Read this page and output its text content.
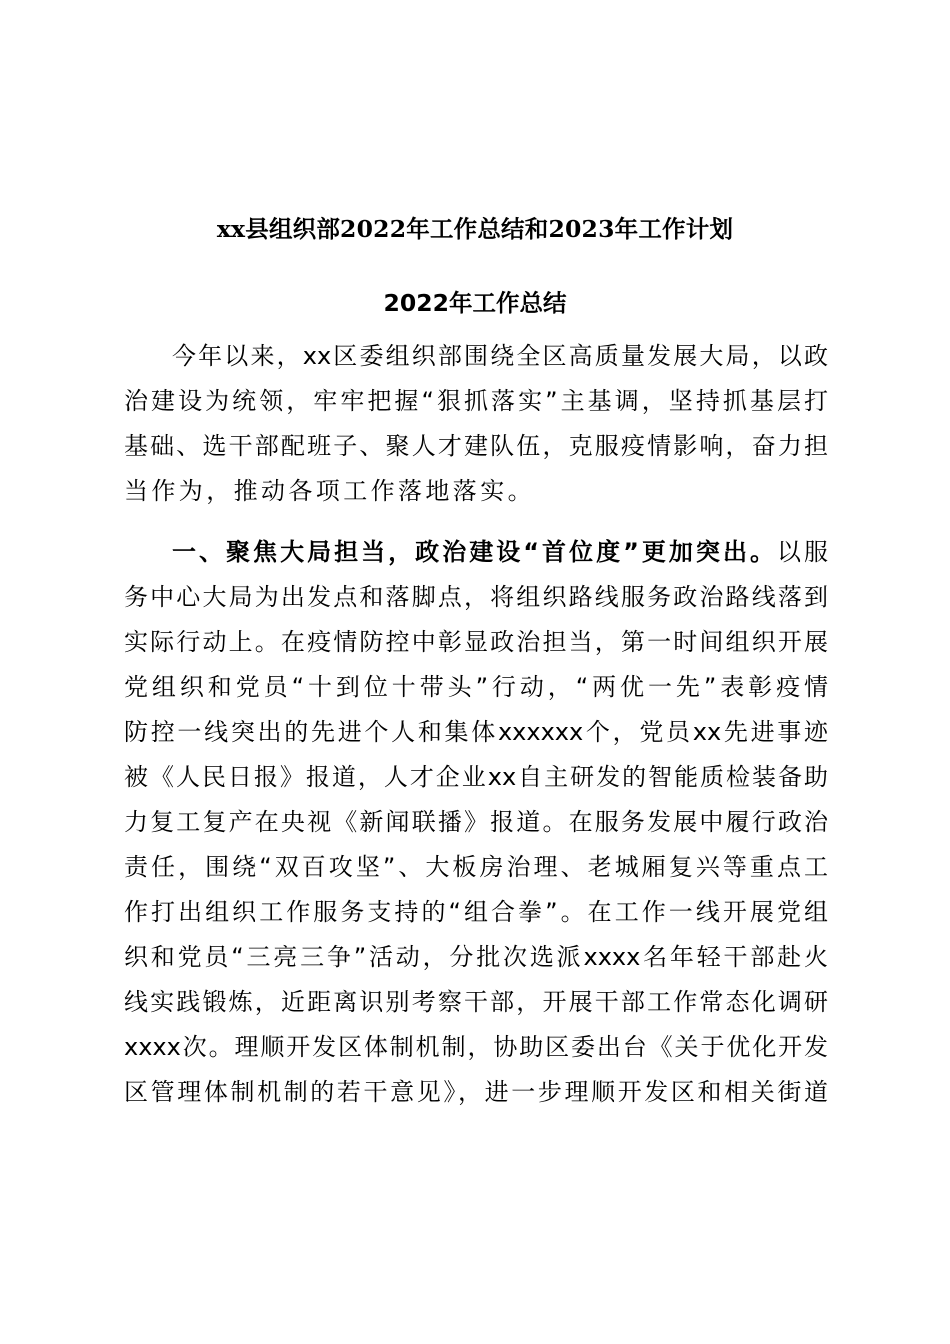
xx县组织部2022年工作总结和2023年工作计划
2022年工作总结
今年以来，xx区委组织部围绕全区高质量发展大局，以政
治建设为统领，牢牢把握“狠抓落实”主基调，坚持抓基层打
基础、选干部配班子、聚人才建队伍，克服疫情影响，奋力担
当作为，推动各项工作落地落实。
一、聚焦大局担当，政治建设“首位度”更加突出。以服
务中心大局为出发点和落脚点，将组织路线服务政治路线落到
实际行动上。在疫情防控中彰显政治担当，第一时间组织开展
党组织和党员“十到位十带头”行动，“两优一先”表彰疫情
防控一线突出的先进个人和集体xxxxxx个，党员xx先进事迹
被《人民日报》报道，人才企业xx自主研发的智能质检装备助
力复工复产在央视《新闻联播》报道。在服务发展中履行政治
责任，围绕“双百攻坚”、大板房治理、老城厢复兴等重点工
作打出组织工作服务支持的“组合拳”。在工作一线开展党组
织和党员“三亮三争”活动，分批次选派xxxx名年轻干部赴火
线实践锻炼，近距离识别考察干部，开展干部工作常态化调研
xxxx次。理顺开发区体制机制，协助区委出台《关于优化开发
区管理体制机制的若干意见》，进一步理顺开发区和相关街道
